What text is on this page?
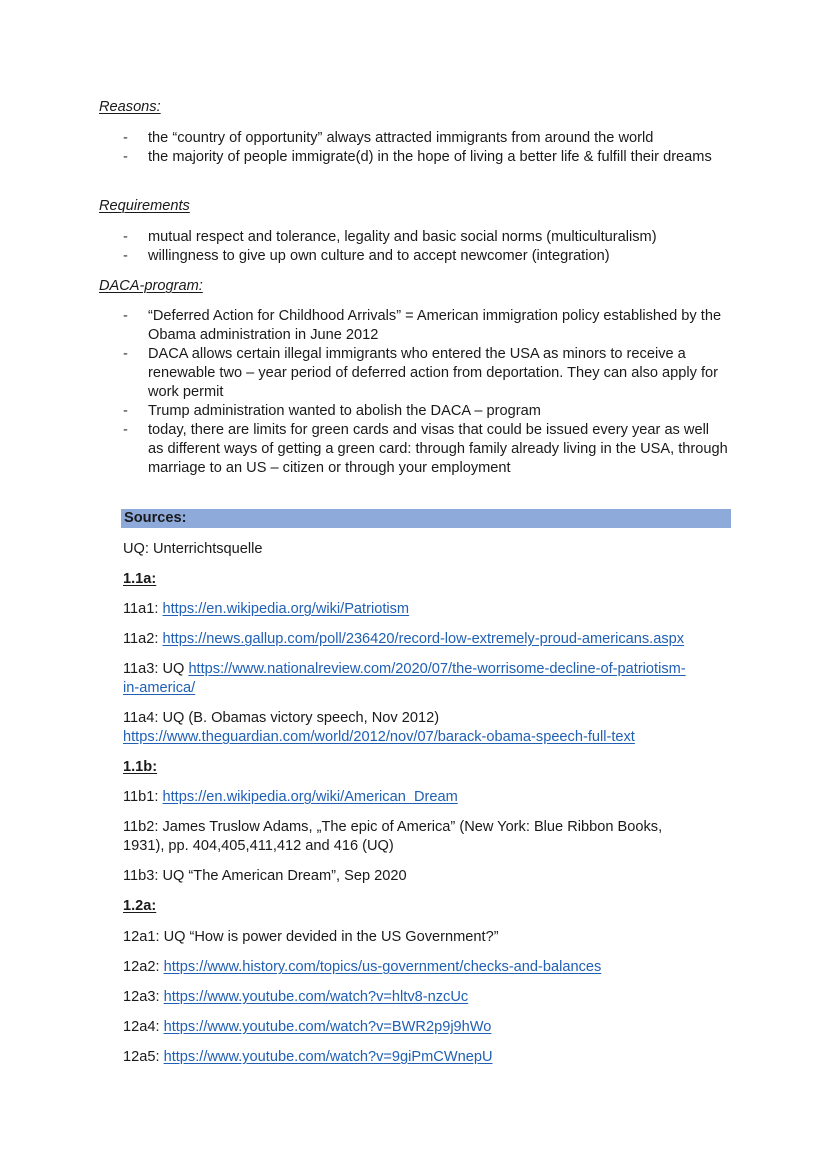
Reasons:
- the “country of opportunity” always attracted immigrants from around the world
- the majority of people immigrate(d) in the hope of living a better life & fulfill their dreams
Requirements
- mutual respect and tolerance, legality and basic social norms (multiculturalism)
- willingness to give up own culture and to accept newcomer (integration)
DACA-program:
- “Deferred Action for Childhood Arrivals” = American immigration policy established by the Obama administration in June 2012
- DACA allows certain illegal immigrants who entered the USA as minors to receive a renewable two – year period of deferred action from deportation. They can also apply for work permit
- Trump administration wanted to abolish the DACA – program
- today, there are limits for green cards and visas that could be issued every year as well as different ways of getting a green card: through family already living in the USA, through marriage to an US – citizen or through your employment
Sources:
UQ: Unterrichtsquelle
1.1a:
11a1: https://en.wikipedia.org/wiki/Patriotism
11a2: https://news.gallup.com/poll/236420/record-low-extremely-proud-americans.aspx
11a3: UQ https://www.nationalreview.com/2020/07/the-worrisome-decline-of-patriotism-
in-america/
11a4: UQ (B. Obamas victory speech, Nov 2012)
https://www.theguardian.com/world/2012/nov/07/barack-obama-speech-full-text
1.1b:
11b1: https://en.wikipedia.org/wiki/American_Dream
11b2: James Truslow Adams, „The epic of America” (New York: Blue Ribbon Books,
1931), pp. 404,405,411,412 and 416 (UQ)
11b3: UQ “The American Dream”, Sep 2020
1.2a:
12a1: UQ “How is power devided in the US Government?”
12a2: https://www.history.com/topics/us-government/checks-and-balances
12a3: https://www.youtube.com/watch?v=hltv8-nzcUc
12a4: https://www.youtube.com/watch?v=BWR2p9j9hWo
12a5: https://www.youtube.com/watch?v=9giPmCWnepU
